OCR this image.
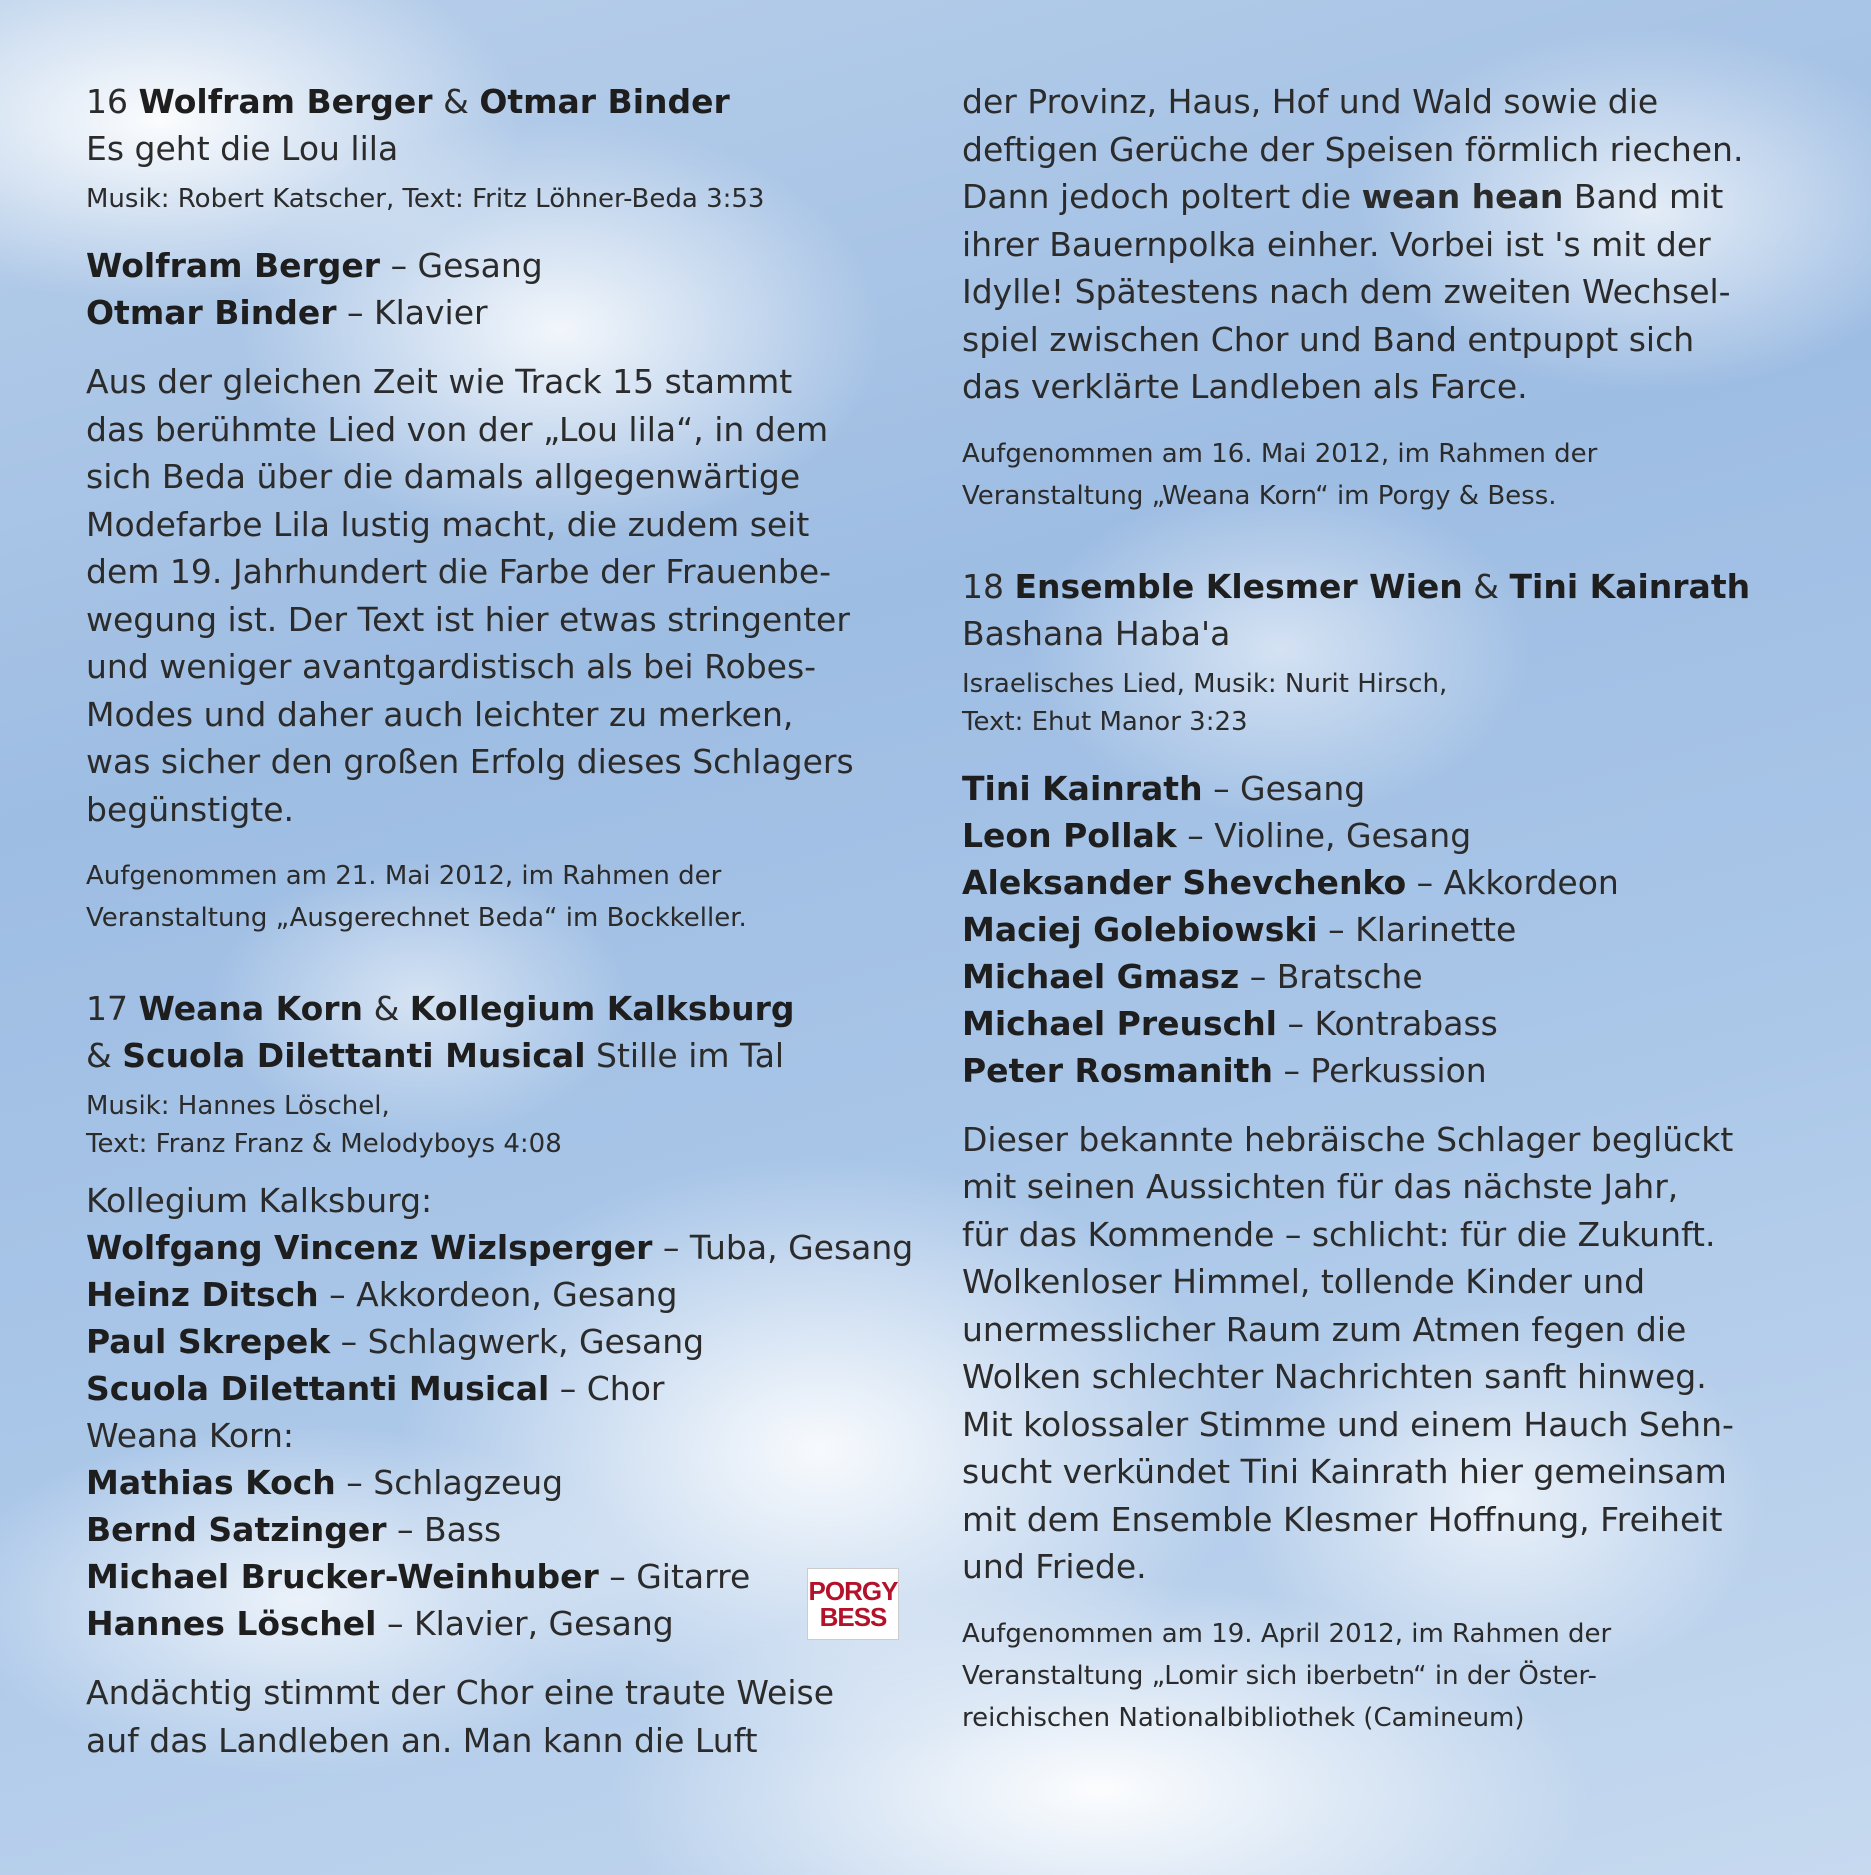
16 Wolfram Berger & Otmar Binder
Es geht die Lou lila
Musik: Robert Katscher, Text: Fritz Löhner-Beda 3:53
Wolfram Berger – Gesang
Otmar Binder – Klavier
Aus der gleichen Zeit wie Track 15 stammt
das berühmte Lied von der „Lou lila“, in dem
sich Beda über die damals allgegenwärtige
Modefarbe Lila lustig macht, die zudem seit
dem 19. Jahrhundert die Farbe der Frauenbe-
wegung ist. Der Text ist hier etwas stringenter
und weniger avantgardistisch als bei Robes-
Modes und daher auch leichter zu merken,
was sicher den großen Erfolg dieses Schlagers
begünstigte.
Aufgenommen am 21. Mai 2012, im Rahmen der
Veranstaltung „Ausgerechnet Beda“ im Bockkeller.
17 Weana Korn & Kollegium Kalksburg
& Scuola Dilettanti Musical Stille im Tal
Musik: Hannes Löschel,
Text: Franz Franz & Melodyboys 4:08
Kollegium Kalksburg:
Wolfgang Vincenz Wizlsperger – Tuba, Gesang
Heinz Ditsch – Akkordeon, Gesang
Paul Skrepek – Schlagwerk, Gesang
Scuola Dilettanti Musical – Chor
Weana Korn:
Mathias Koch – Schlagzeug
Bernd Satzinger – Bass
Michael Brucker-Weinhuber – Gitarre
Hannes Löschel – Klavier, Gesang
Andächtig stimmt der Chor eine traute Weise
auf das Landleben an. Man kann die Luft
PORGY
BESS
der Provinz, Haus, Hof und Wald sowie die
deftigen Gerüche der Speisen förmlich riechen.
Dann jedoch poltert die wean hean Band mit
ihrer Bauernpolka einher. Vorbei ist 's mit der
Idylle! Spätestens nach dem zweiten Wechsel-
spiel zwischen Chor und Band entpuppt sich
das verklärte Landleben als Farce.
Aufgenommen am 16. Mai 2012, im Rahmen der
Veranstaltung „Weana Korn“ im Porgy & Bess.
18 Ensemble Klesmer Wien & Tini Kainrath
Bashana Haba'a
Israelisches Lied, Musik: Nurit Hirsch,
Text: Ehut Manor 3:23
Tini Kainrath – Gesang
Leon Pollak – Violine, Gesang
Aleksander Shevchenko – Akkordeon
Maciej Golebiowski – Klarinette
Michael Gmasz – Bratsche
Michael Preuschl – Kontrabass
Peter Rosmanith – Perkussion
Dieser bekannte hebräische Schlager beglückt
mit seinen Aussichten für das nächste Jahr,
für das Kommende – schlicht: für die Zukunft.
Wolkenloser Himmel, tollende Kinder und
unermesslicher Raum zum Atmen fegen die
Wolken schlechter Nachrichten sanft hinweg.
Mit kolossaler Stimme und einem Hauch Sehn-
sucht verkündet Tini Kainrath hier gemeinsam
mit dem Ensemble Klesmer Hoffnung, Freiheit
und Friede.
Aufgenommen am 19. April 2012, im Rahmen der
Veranstaltung „Lomir sich iberbetn“ in der Öster-
reichischen Nationalbibliothek (Camineum)
